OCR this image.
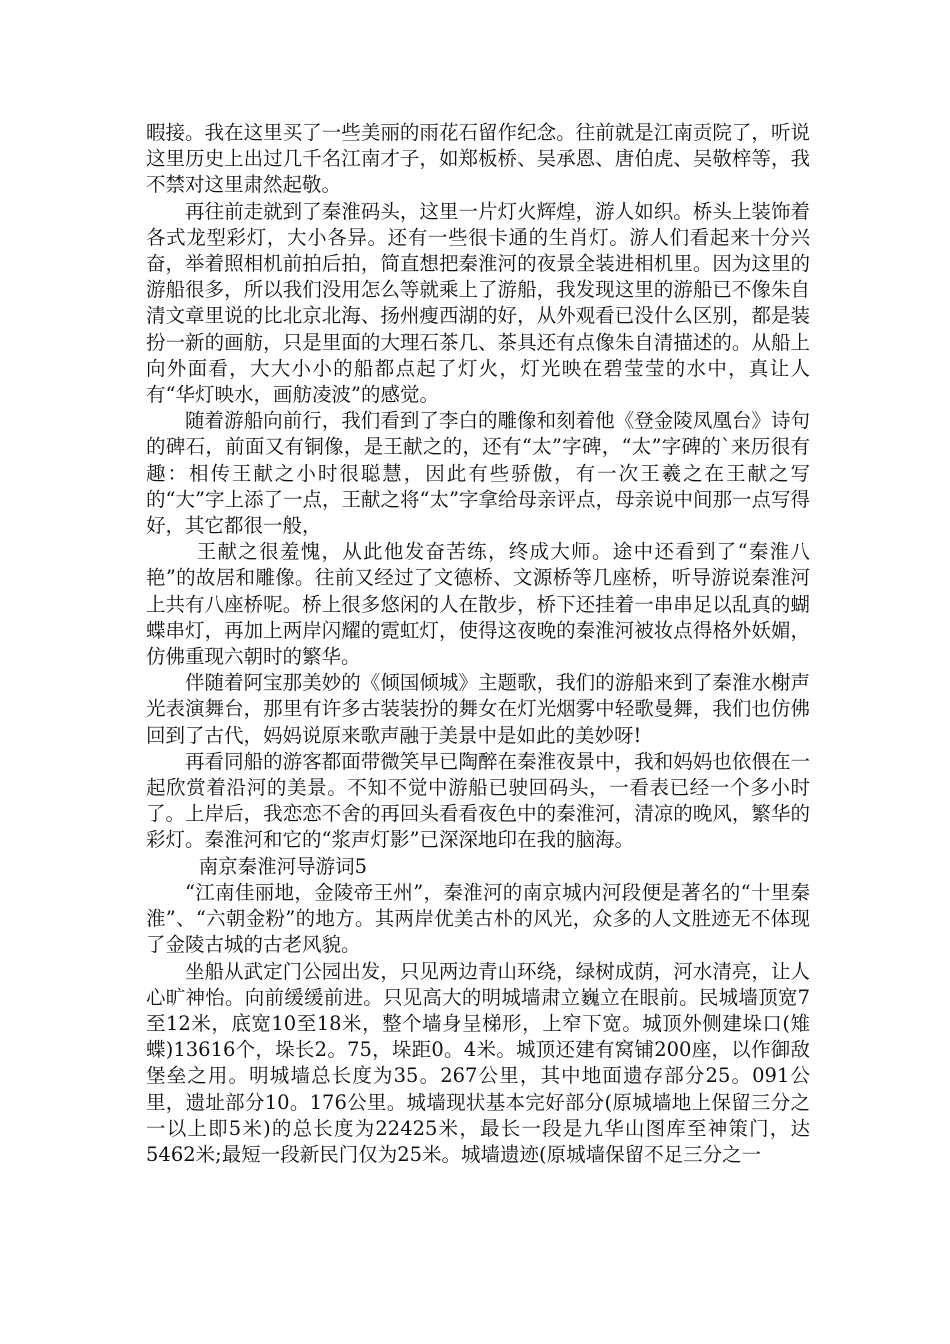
暇接。我在这里买了一些美丽的雨花石留作纪念。往前就是江南贡院了，听说这里历史上出过几千名江南才子，如郑板桥、吴承恩、唐伯虎、吴敬梓等，我不禁对这里肃然起敬。

再往前走就到了秦淮码头，这里一片灯火辉煌，游人如织。桥头上装饰着各式龙型彩灯，大小各异。还有一些很卡通的生肖灯。游人们看起来十分兴奋，举着照相机前拍后拍，简直想把秦淮河的夜景全装进相机里。因为这里的游船很多，所以我们没用怎么等就乘上了游船，我发现这里的游船已不像朱自清文章里说的比北京北海、扬州瘦西湖的好，从外观看已没什么区别，都是装扮一新的画舫，只是里面的大理石茶几、茶具还有点像朱自清描述的。从船上向外面看，大大小小的船都点起了灯火，灯光映在碧莹莹的水中，真让人有“华灯映水，画舫凌波”的感觉。

随着游船向前行，我们看到了李白的雕像和刻着他《登金陵凤凰台》诗句的碑石，前面又有铜像，是王献之的，还有“太”字碑，“太”字碑的`来历很有趣：相传王献之小时很聪慧，因此有些骄傲，有一次王羲之在王献之写的“大”字上添了一点，王献之将“太”字拿给母亲评点，母亲说中间那一点写得好，其它都很一般，

王献之很羞愧，从此他发奋苦练，终成大师。途中还看到了“秦淮八艳”的故居和雕像。往前又经过了文德桥、文源桥等几座桥，听导游说秦淮河上共有八座桥呢。桥上很多悠闲的人在散步，桥下还挂着一串串足以乱真的蝴蝶串灯，再加上两岸闪耀的霓虹灯，使得这夜晚的秦淮河被妆点得格外妖媚，仿佛重现六朝时的繁华。

伴随着阿宝那美妙的《倾国倾城》主题歌，我们的游船来到了秦淮水榭声光表演舞台，那里有许多古装装扮的舞女在灯光烟雾中轻歌曼舞，我们也仿佛回到了古代，妈妈说原来歌声融于美景中是如此的美妙呀!

再看同船的游客都面带微笑早已陶醉在秦淮夜景中，我和妈妈也依偎在一起欣赏着沿河的美景。不知不觉中游船已驶回码头，一看表已经一个多小时了。上岸后，我恋恋不舍的再回头看看夜色中的秦淮河，清凉的晚风，繁华的彩灯。秦淮河和它的“浆声灯影”已深深地印在我的脑海。

南京秦淮河导游词5

“江南佳丽地，金陵帝王州”，秦淮河的南京城内河段便是著名的“十里秦淮”、“六朝金粉”的地方。其两岸优美古朴的风光，众多的人文胜迹无不体现了金陵古城的古老风貌。

坐船从武定门公园出发，只见两边青山环绕，绿树成荫，河水清亮，让人心旷神怡。向前缓缓前进。只见高大的明城墙肃立巍立在眼前。民城墙顶宽7至12米，底宽10至18米，整个墙身呈梯形，上窄下宽。城顶外侧建垛口(雉蝶)13616个，垛长2。75，垛距0。4米。城顶还建有窝铺200座，以作御敌堡垒之用。明城墙总长度为35。267公里，其中地面遗存部分25。091公里，遗址部分10。176公里。城墙现状基本完好部分(原城墙地上保留三分之一以上即5米)的总长度为22425米，最长一段是九华山图库至神策门，达5462米;最短一段新民门仅为25米。城墙遗迹(原城墙保留不足三分之一
